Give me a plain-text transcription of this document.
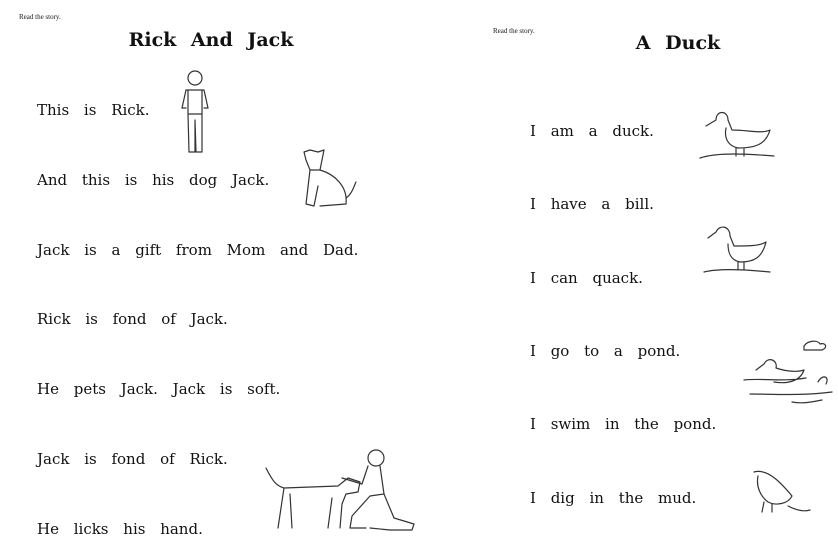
Read the story.
Rick And Jack
This is Rick.
And this is his dog Jack.
Jack is a gift from Mom and Dad.
Rick is fond of Jack.
He pets Jack. Jack is soft.
Jack is fond of Rick.
He licks his hand.
Read the story.
A Duck
I am a duck.
I have a bill.
I can quack.
I go to a pond.
I swim in the pond.
I dig in the mud.
